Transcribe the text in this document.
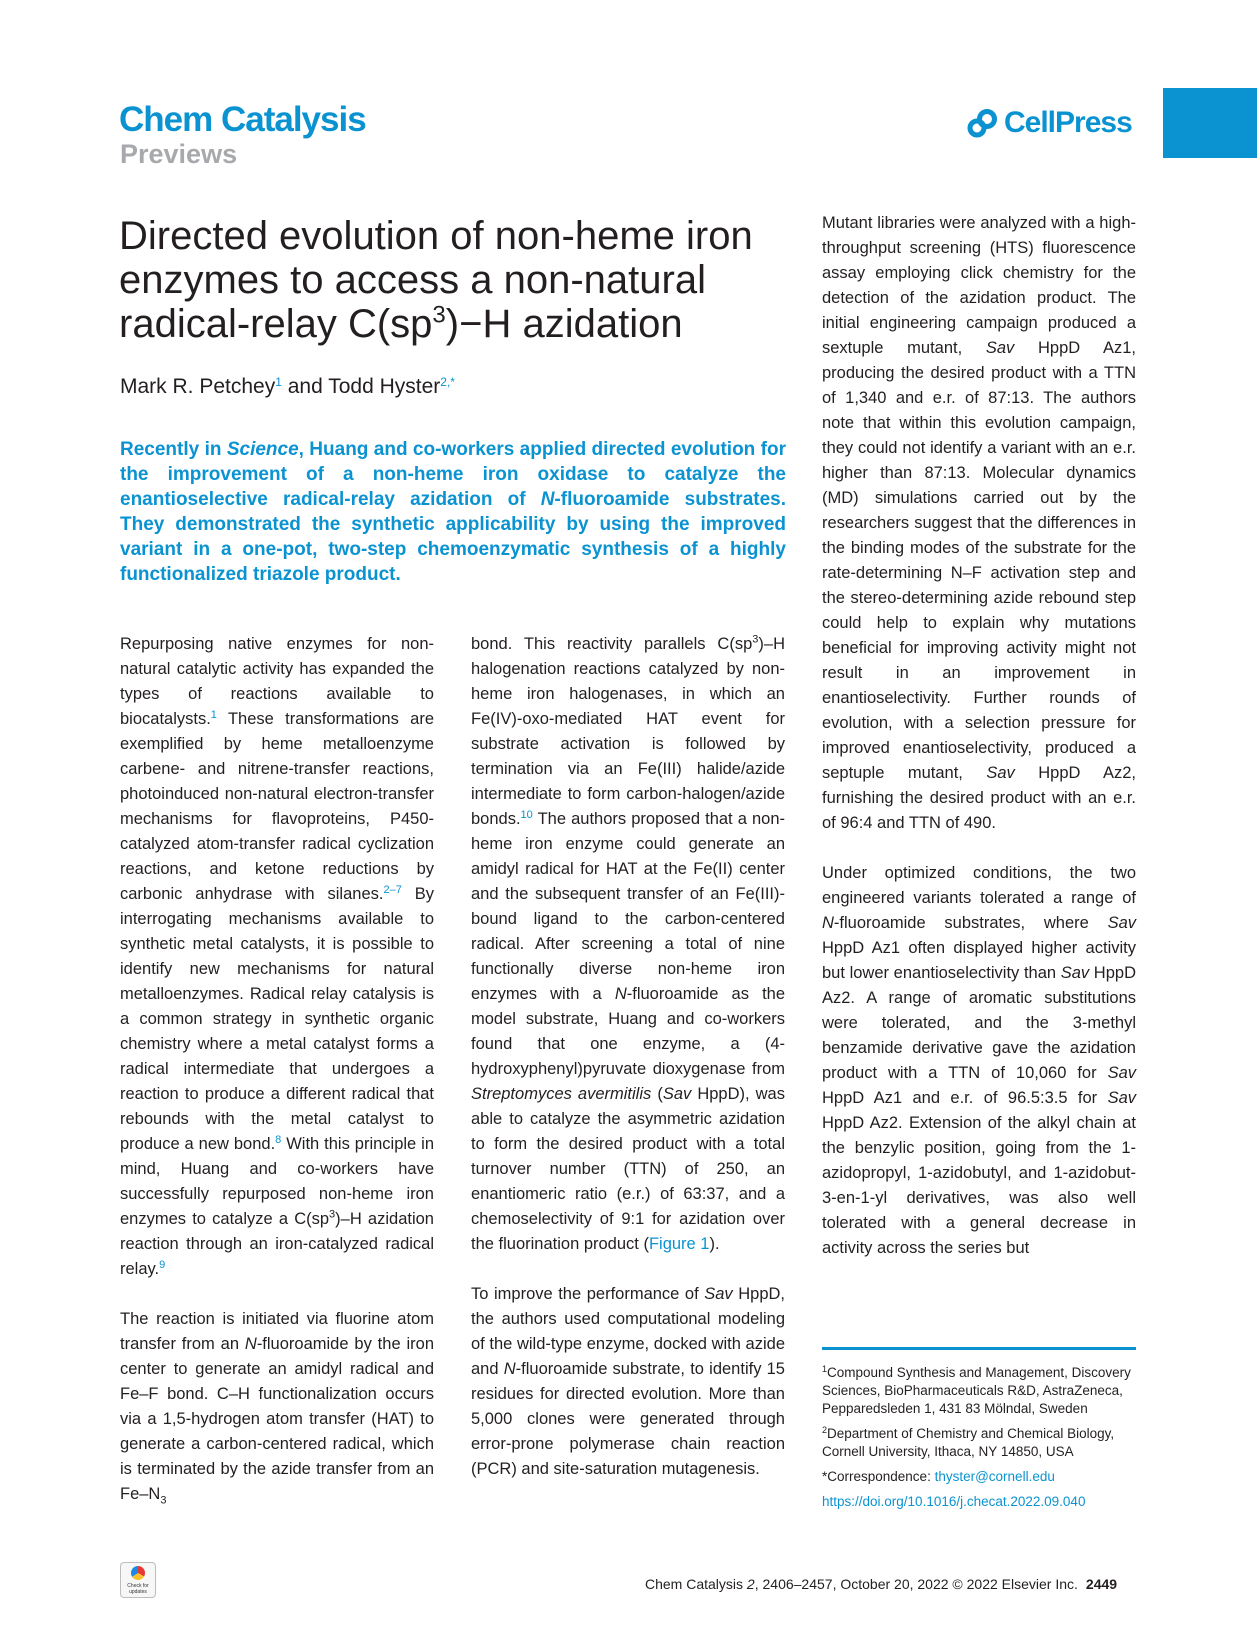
Chem Catalysis
Previews
CellPress
Directed evolution of non-heme iron enzymes to access a non-natural radical-relay $C(sp^3)-H$ azidation
Mark R. Petchey$^1$ and Todd Hyster$^{2,*}$
Recently in Science, Huang and co-workers applied directed evolution for the improvement of a non-heme iron oxidase to catalyze the enantioselective radical-relay azidation of N-fluoroamide substrates. They demonstrated the synthetic applicability by using the improved variant in a one-pot, two-step chemoenzymatic synthesis of a highly functionalized triazole product.

Repurposing native enzymes for non-natural catalytic activity has expanded the types of reactions available to biocatalysts.$^1$ These transformations are exemplified by heme metalloenzyme carbene- and nitrene-transfer reactions, photoinduced non-natural electron-transfer mechanisms for flavoproteins, P450-catalyzed atom-transfer radical cyclization reactions, and ketone reductions by carbonic anhydrase with silanes.$^{2-7}$ By interrogating mechanisms available to synthetic metal catalysts, it is possible to identify new mechanisms for natural metalloenzymes. Radical relay catalysis is a common strategy in synthetic organic chemistry where a metal catalyst forms a radical intermediate that undergoes a reaction to produce a different radical that rebounds with the metal catalyst to produce a new bond.$^8$ With this principle in mind, Huang and co-workers have successfully repurposed non-heme iron enzymes to catalyze a $C(sp^3)-H$ azidation reaction through an iron-catalyzed radical relay.$^9$

The reaction is initiated via fluorine atom transfer from an N-fluoroamide by the iron center to generate an amidyl radical and Fe–F bond. C–H functionalization occurs via a 1,5-hydrogen atom transfer (HAT) to generate a carbon-centered radical, which is terminated by the azide transfer from an $Fe-N_3$

bond. This reactivity parallels $C(sp^3)-H$ halogenation reactions catalyzed by non-heme iron halogenases, in which an Fe(IV)-oxo-mediated HAT event for substrate activation is followed by termination via an Fe(III) halide/azide intermediate to form carbon-halogen/azide bonds.$^{10}$ The authors proposed that a non-heme iron enzyme could generate an amidyl radical for HAT at the Fe(II) center and the subsequent transfer of an Fe(III)-bound ligand to the carbon-centered radical. After screening a total of nine functionally diverse non-heme iron enzymes with a N-fluoroamide as the model substrate, Huang and co-workers found that one enzyme, a (4-hydroxyphenyl)pyruvate dioxygenase from Streptomyces avermitilis (Sav HppD), was able to catalyze the asymmetric azidation to form the desired product with a total turnover number (TTN) of 250, an enantiomeric ratio (e.r.) of 63:37, and a chemoselectivity of 9:1 for azidation over the fluorination product (Figure 1).

To improve the performance of Sav HppD, the authors used computational modeling of the wild-type enzyme, docked with azide and N-fluoroamide substrate, to identify 15 residues for directed evolution. More than 5,000 clones were generated through error-prone polymerase chain reaction (PCR) and site-saturation mutagenesis.

Mutant libraries were analyzed with a high-throughput screening (HTS) fluorescence assay employing click chemistry for the detection of the azidation product. The initial engineering campaign produced a sextuple mutant, Sav HppD Az1, producing the desired product with a TTN of 1,340 and e.r. of 87:13. The authors note that within this evolution campaign, they could not identify a variant with an e.r. higher than 87:13. Molecular dynamics (MD) simulations carried out by the researchers suggest that the differences in the binding modes of the substrate for the rate-determining N–F activation step and the stereo-determining azide rebound step could help to explain why mutations beneficial for improving activity might not result in an improvement in enantioselectivity. Further rounds of evolution, with a selection pressure for improved enantioselectivity, produced a septuple mutant, Sav HppD Az2, furnishing the desired product with an e.r. of 96:4 and TTN of 490.

Under optimized conditions, the two engineered variants tolerated a range of N-fluoroamide substrates, where Sav HppD Az1 often displayed higher activity but lower enantioselectivity than Sav HppD Az2. A range of aromatic substitutions were tolerated, and the 3-methyl benzamide derivative gave the azidation product with a TTN of 10,060 for Sav HppD Az1 and e.r. of 96.5:3.5 for Sav HppD Az2. Extension of the alkyl chain at the benzylic position, going from the 1-azidopropyl, 1-azidobutyl, and 1-azidobut-3-en-1-yl derivatives, was also well tolerated with a general decrease in activity across the series but

$^1$Compound Synthesis and Management, Discovery Sciences, BioPharmaceuticals R&D, AstraZeneca, Pepparedsleden 1, 431 83 Mölndal, Sweden

$^2$Department of Chemistry and Chemical Biology, Cornell University, Ithaca, NY 14850, USA

*Correspondence: thyster@cornell.edu

https://doi.org/10.1016/j.checat.2022.09.040

Check for updates	Chem Catalysis 2, 2406–2457, October 20, 2022 © 2022 Elsevier Inc. 2449
